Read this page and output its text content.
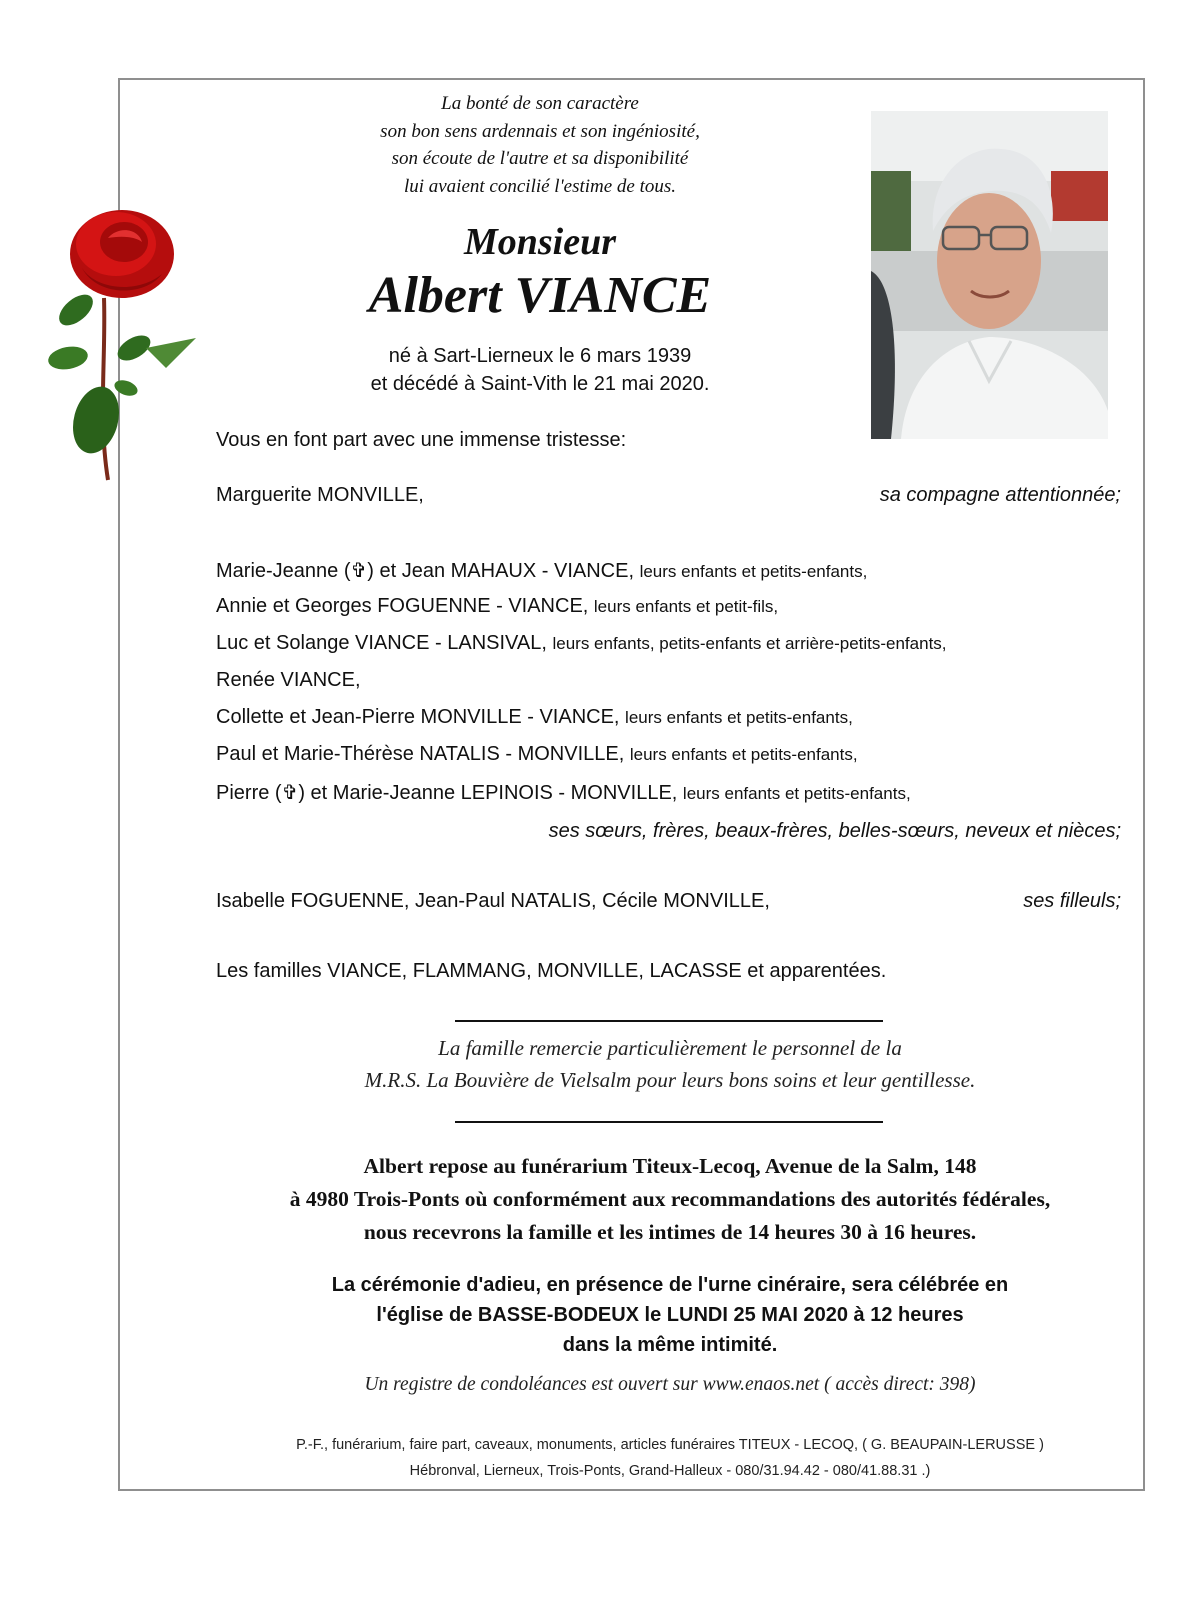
La bonté de son caractère
son bon sens ardennais et son ingéniosité,
son écoute de l'autre et sa disponibilité
lui avaient concilié l'estime de tous.
Monsieur
Albert VIANCE
né à Sart-Lierneux le 6 mars 1939
et décédé à Saint-Vith le 21 mai 2020.
Vous en font part avec une immense tristesse:
Marguerite MONVILLE,	sa compagne attentionnée;
Marie-Jeanne (✞) et Jean MAHAUX - VIANCE, leurs enfants et petits-enfants,
Annie et Georges FOGUENNE - VIANCE, leurs enfants et petit-fils,
Luc et Solange VIANCE - LANSIVAL, leurs enfants, petits-enfants et arrière-petits-enfants,
Renée VIANCE,
Collette et Jean-Pierre MONVILLE - VIANCE, leurs enfants et petits-enfants,
Paul et Marie-Thérèse NATALIS - MONVILLE, leurs enfants et petits-enfants,
Pierre (✞) et Marie-Jeanne LEPINOIS - MONVILLE, leurs enfants et petits-enfants,
ses sœurs, frères, beaux-frères, belles-sœurs, neveux et nièces;
Isabelle FOGUENNE, Jean-Paul NATALIS, Cécile MONVILLE,	ses filleuls;
Les familles VIANCE, FLAMMANG, MONVILLE, LACASSE et apparentées.
La famille remercie particulièrement le personnel de la
M.R.S. La Bouvière de Vielsalm pour leurs bons soins et leur gentillesse.
Albert repose au funérarium Titeux-Lecoq, Avenue de la Salm, 148
à 4980 Trois-Ponts où conformément aux recommandations des autorités fédérales,
nous recevrons la famille et les intimes de 14 heures 30 à 16 heures.
La cérémonie d'adieu, en présence de l'urne cinéraire, sera célébrée en
l'église de BASSE-BODEUX le LUNDI 25 MAI 2020 à 12 heures
dans la même intimité.
Un registre de condoléances est ouvert sur www.enaos.net ( accès direct: 398)
P.-F., funérarium, faire part, caveaux, monuments, articles funéraires TITEUX - LECOQ, ( G. BEAUPAIN-LERUSSE )
Hébronval, Lierneux, Trois-Ponts, Grand-Halleux - 080/31.94.42 - 080/41.88.31 .)
